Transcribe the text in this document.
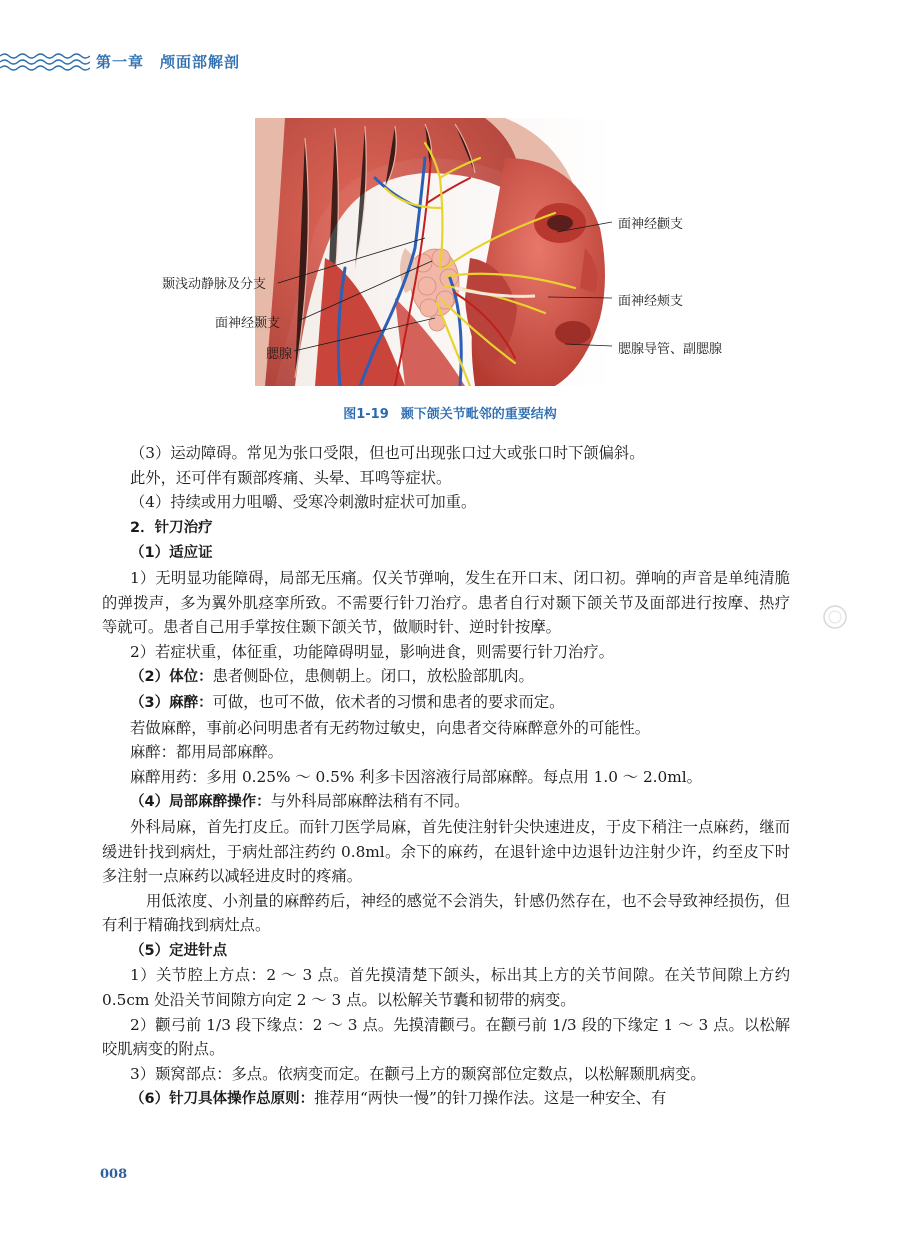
第一章　颅面部解剖
颞浅动静脉及分支
面神经颞支
腮腺
面神经颧支
面神经颊支
腮腺导管、副腮腺
图1-19 颞下颌关节毗邻的重要结构

（3）运动障碍。常见为张口受限，但也可出现张口过大或张口时下颌偏斜。

此外，还可伴有颞部疼痛、头晕、耳鸣等症状。

（4）持续或用力咀嚼、受寒冷刺激时症状可加重。

2．针刀治疗

（1）适应证

1）无明显功能障碍，局部无压痛。仅关节弹响，发生在开口末、闭口初。弹响的声音是单纯清脆的弹拨声，多为翼外肌痉挛所致。不需要行针刀治疗。患者自行对颞下颌关节及面部进行按摩、热疗等就可。患者自己用手掌按住颞下颌关节，做顺时针、逆时针按摩。

2）若症状重，体征重，功能障碍明显，影响进食，则需要行针刀治疗。

（2）体位：患者侧卧位，患侧朝上。闭口，放松脸部肌肉。

（3）麻醉：可做，也可不做，依术者的习惯和患者的要求而定。

若做麻醉，事前必问明患者有无药物过敏史，向患者交待麻醉意外的可能性。

麻醉：都用局部麻醉。

麻醉用药：多用 0.25% ～ 0.5% 利多卡因溶液行局部麻醉。每点用 1.0 ～ 2.0ml。

（4）局部麻醉操作：与外科局部麻醉法稍有不同。

外科局麻，首先打皮丘。而针刀医学局麻，首先使注射针尖快速进皮，于皮下稍注一点麻药，继而缓进针找到病灶，于病灶部注药约 0.8ml。余下的麻药，在退针途中边退针边注射少许，约至皮下时多注射一点麻药以减轻进皮时的疼痛。

用低浓度、小剂量的麻醉药后，神经的感觉不会消失，针感仍然存在，也不会导致神经损伤，但有利于精确找到病灶点。

（5）定进针点

1）关节腔上方点：2 ～ 3 点。首先摸清楚下颌头，标出其上方的关节间隙。在关节间隙上方约 0.5cm 处沿关节间隙方向定 2 ～ 3 点。以松解关节囊和韧带的病变。

2）颧弓前 1/3 段下缘点：2 ～ 3 点。先摸清颧弓。在颧弓前 1/3 段的下缘定 1 ～ 3 点。以松解咬肌病变的附点。

3）颞窝部点：多点。依病变而定。在颧弓上方的颞窝部位定数点，以松解颞肌病变。

（6）针刀具体操作总原则：推荐用“两快一慢”的针刀操作法。这是一种安全、有

008
